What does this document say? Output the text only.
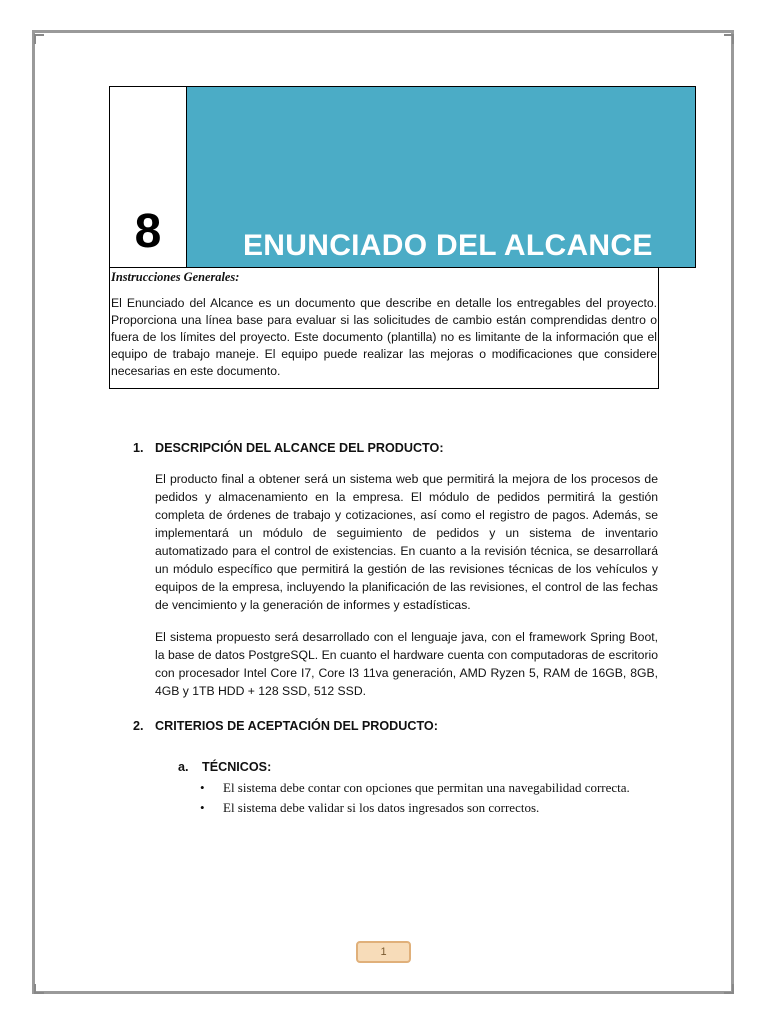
8	ENUNCIADO DEL ALCANCE
Instrucciones Generales:
El Enunciado del Alcance es un documento que describe en detalle los entregables del proyecto. Proporciona una línea base para evaluar si las solicitudes de cambio están comprendidas dentro o fuera de los límites del proyecto. Este documento (plantilla) no es limitante de la información que el equipo de trabajo maneje. El equipo puede realizar las mejoras o modificaciones que considere necesarias en este documento.
1. DESCRIPCIÓN DEL ALCANCE DEL PRODUCTO:
El producto final a obtener será un sistema web que permitirá la mejora de los procesos de pedidos y almacenamiento en la empresa. El módulo de pedidos permitirá la gestión completa de órdenes de trabajo y cotizaciones, así como el registro de pagos. Además, se implementará un módulo de seguimiento de pedidos y un sistema de inventario automatizado para el control de existencias. En cuanto a la revisión técnica, se desarrollará un módulo específico que permitirá la gestión de las revisiones técnicas de los vehículos y equipos de la empresa, incluyendo la planificación de las revisiones, el control de las fechas de vencimiento y la generación de informes y estadísticas.
El sistema propuesto será desarrollado con el lenguaje java, con el framework Spring Boot, la base de datos PostgreSQL. En cuanto el hardware cuenta con computadoras de escritorio con procesador Intel Core I7, Core I3 11va generación, AMD Ryzen 5, RAM de 16GB, 8GB, 4GB y 1TB HDD + 128 SSD, 512 SSD.
2. CRITERIOS DE ACEPTACIÓN DEL PRODUCTO:
a. TÉCNICOS:
•	El sistema debe contar con opciones que permitan una navegabilidad correcta.
•	El sistema debe validar si los datos ingresados son correctos.
1
